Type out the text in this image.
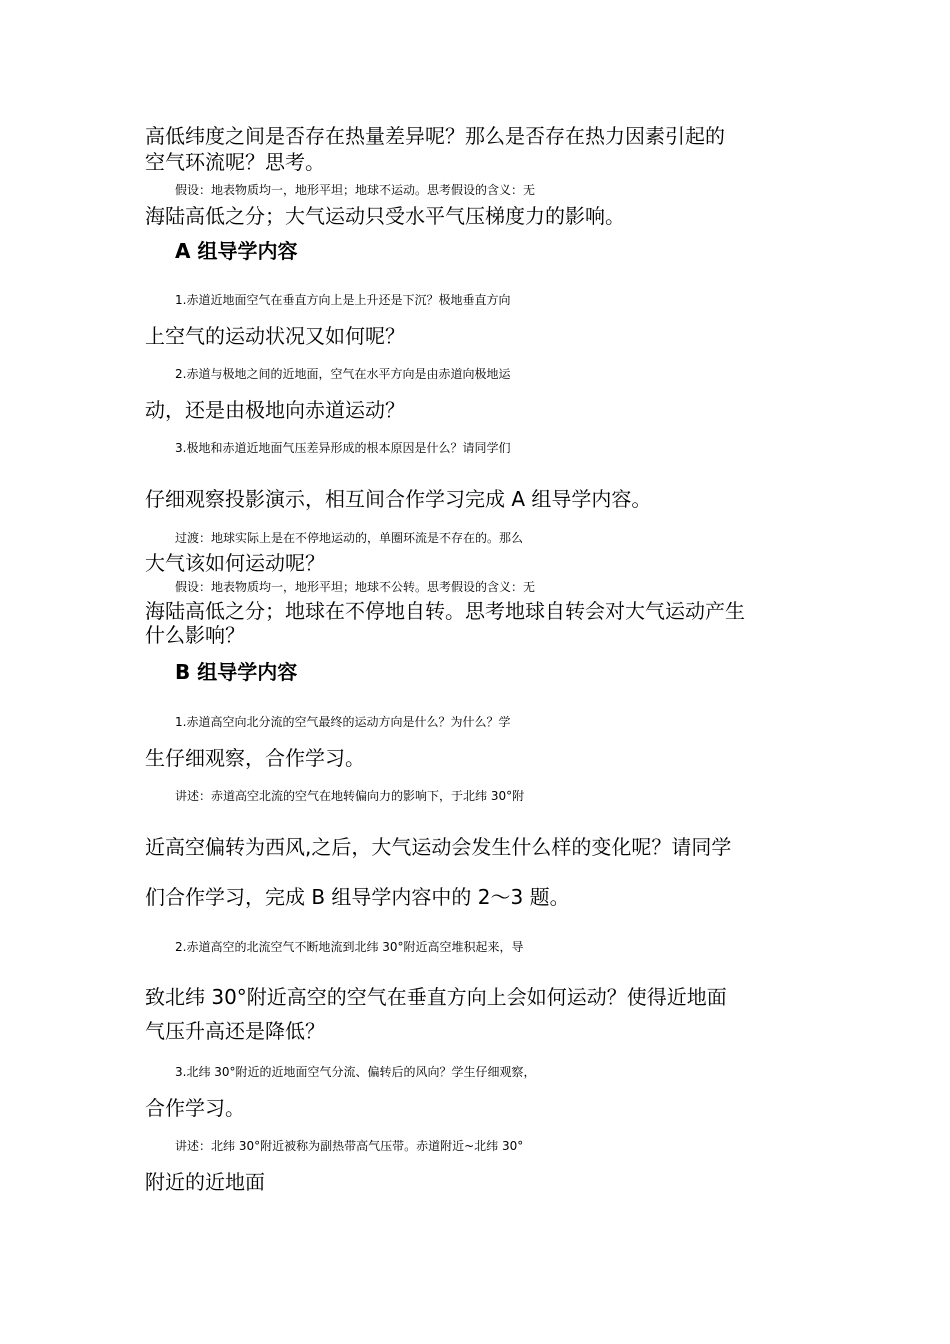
高低纬度之间是否存在热量差异呢？那么是否存在热力因素引起的
空气环流呢？思考。
假设：地表物质均一，地形平坦；地球不运动。思考假设的含义：无
海陆高低之分；大气运动只受水平气压梯度力的影响。
A 组导学内容
1.赤道近地面空气在垂直方向上是上升还是下沉？极地垂直方向
上空气的运动状况又如何呢？
2.赤道与极地之间的近地面，空气在水平方向是由赤道向极地运
动，还是由极地向赤道运动？
3.极地和赤道近地面气压差异形成的根本原因是什么？请同学们
仔细观察投影演示，相互间合作学习完成 A 组导学内容。
过渡：地球实际上是在不停地运动的，单圈环流是不存在的。那么
大气该如何运动呢？
假设：地表物质均一，地形平坦；地球不公转。思考假设的含义：无
海陆高低之分；地球在不停地自转。思考地球自转会对大气运动产生
什么影响？
B 组导学内容
1.赤道高空向北分流的空气最终的运动方向是什么？为什么？学
生仔细观察，合作学习。
讲述：赤道高空北流的空气在地转偏向力的影响下，于北纬 30°附
近高空偏转为西风,之后，大气运动会发生什么样的变化呢？请同学
们合作学习，完成 B 组导学内容中的 2～3 题。
2.赤道高空的北流空气不断地流到北纬 30°附近高空堆积起来，导
致北纬 30°附近高空的空气在垂直方向上会如何运动？使得近地面
气压升高还是降低？
3.北纬 30°附近的近地面空气分流、偏转后的风向？学生仔细观察，
合作学习。
讲述：北纬 30°附近被称为副热带高气压带。赤道附近~北纬 30°
附近的近地面
